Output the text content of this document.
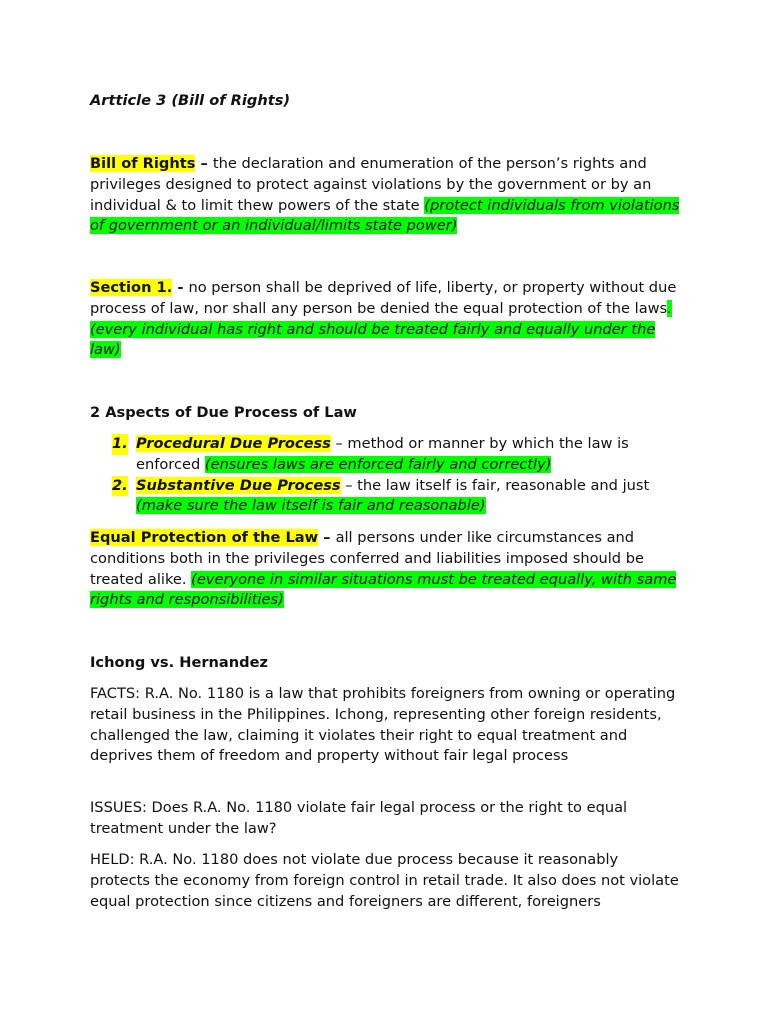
Artticle 3 (Bill of Rights)

Bill of Rights – the declaration and enumeration of the person’s rights and privileges designed to protect against violations by the government or by an individual & to limit thew powers of the state (protect individuals from violations of government or an individual/limits state power)

Section 1. - no person shall be deprived of life, liberty, or property without due process of law, nor shall any person be denied the equal protection of the laws. (every individual has right and should be treated fairly and equally under the law)

2 Aspects of Due Process of Law

1. Procedural Due Process – method or manner by which the law is enforced (ensures laws are enforced fairly and correctly)
2. Substantive Due Process – the law itself is fair, reasonable and just (make sure the law itself is fair and reasonable)

Equal Protection of the Law – all persons under like circumstances and conditions both in the privileges conferred and liabilities imposed should be treated alike. (everyone in similar situations must be treated equally, with same rights and responsibilities)

Ichong vs. Hernandez

FACTS: R.A. No. 1180 is a law that prohibits foreigners from owning or operating retail business in the Philippines. Ichong, representing other foreign residents, challenged the law, claiming it violates their right to equal treatment and deprives them of freedom and property without fair legal process

ISSUES: Does R.A. No. 1180 violate fair legal process or the right to equal treatment under the law?

HELD: R.A. No. 1180 does not violate due process because it reasonably protects the economy from foreign control in retail trade. It also does not violate equal protection since citizens and foreigners are different, foreigners
